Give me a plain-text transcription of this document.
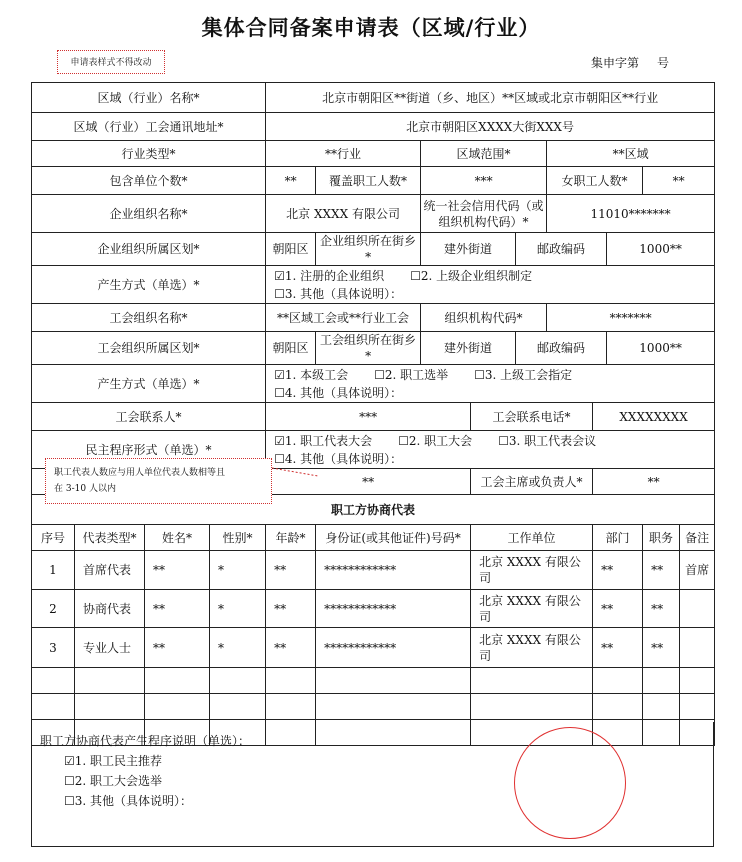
集体合同备案申请表（区域/行业）
申请表样式不得改动	集申字第 号
区域（行业）名称*				北京市朝阳区**街道（乡、地区）**区域或北京市朝阳区**行业									
区域（行业）工会通讯地址*				北京市朝阳区XXXX大街XXX号									
行业类型*				**行业		区域范围*			**区域				
包含单位个数*				**	覆盖职工人数*	***			女职工人数*			**	
企业组织名称*				北京 XXXX 有限公司		统一社会信用代码（或组织机构代码）*			11010*******				
企业组织所属区划*				朝阳区	企业组织所在街乡*	建外街道		邮政编码			1000**		
产生方式（单选）*				☑1. 注册的企业组织 ☐2. 上级企业组织制定
☐3. 其他（具体说明）：									

工会组织名称*				**区域工会或**行业工会		组织机构代码*			*******				
工会组织所属区划*				朝阳区	工会组织所在街乡*	建外街道		邮政编码			1000**		
产生方式（单选）*				☑1. 本级工会 ☐2. 职工选举 ☐3. 上级工会指定
☐4. 其他（具体说明）：									

工会联系人*				***			工会联系电话*			XXXXXXXX			
民主程序形式（单选）*				☑1. 职工代表大会 ☐2. 职工大会 ☐3. 职工代表会议
☐4. 其他（具体说明）：									

	**			工会主席或负责人*			**			
职工方协商代表													
序号	代表类型*	姓名*	性别*	年龄*	身份证(或其他证件)号码*		工作单位			部门		职务	备注
1	首席代表	**	*	**	************		北京 XXXX 有限公司			**		**	首席
2	协商代表	**	*	**	************		北京 XXXX 有限公司			**		**	
3	专业人士	**	*	**	************		北京 XXXX 有限公司			**		**	

职工方协商代表产生程序说明（单选）：
☑1. 职工民主推荐
☐2. 职工大会选举
☐3. 其他（具体说明）：
职工代表人数应与用人单位代表人数相等且
在 3-10 人以内
